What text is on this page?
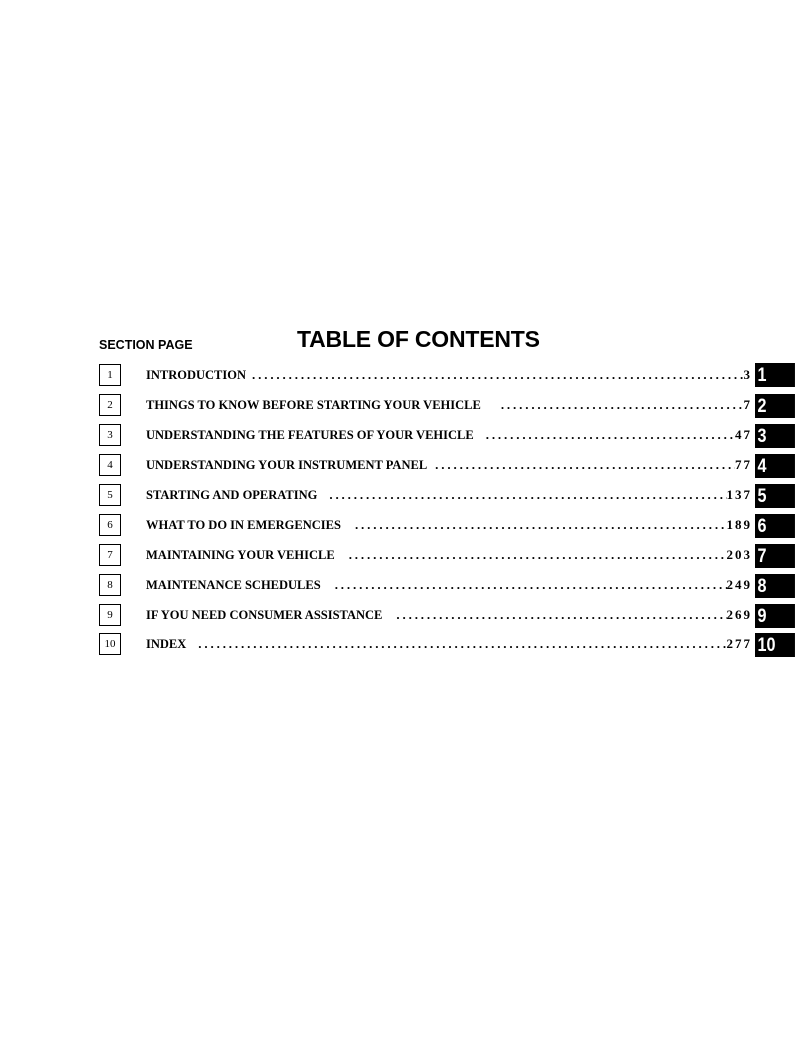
SECTION PAGE	TABLE OF CONTENTS
1	INTRODUCTION . . .	3 1
2	THINGS TO KNOW BEFORE STARTING YOUR VEHICLE . . .	7 2
3	UNDERSTANDING THE FEATURES OF YOUR VEHICLE . . .	47 3
4	UNDERSTANDING YOUR INSTRUMENT PANEL . . .	77 4
5	STARTING AND OPERATING . . .	137 5
6	WHAT TO DO IN EMERGENCIES . . .	189 6
7	MAINTAINING YOUR VEHICLE . . .	203 7
8	MAINTENANCE SCHEDULES . . .	249 8
9	IF YOU NEED CONSUMER ASSISTANCE . . .	269 9
10	INDEX . . .	277 10
